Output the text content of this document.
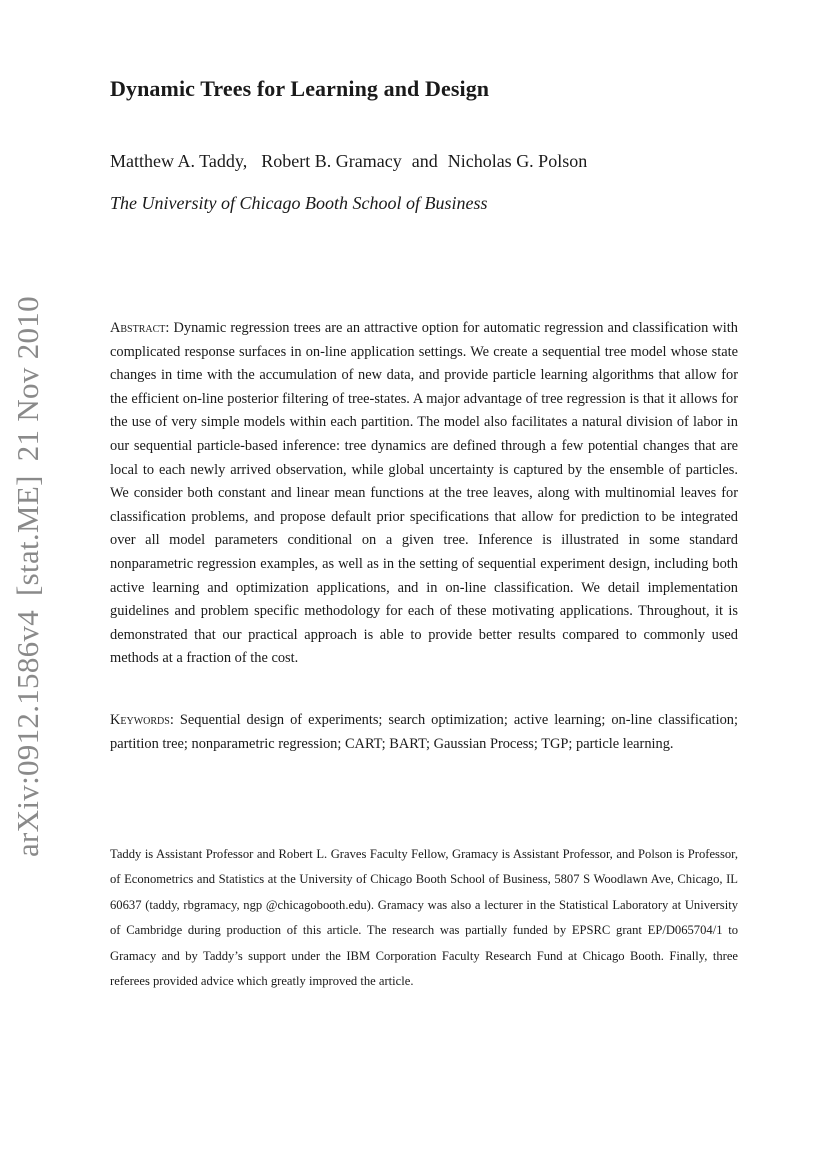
arXiv:0912.1586v4[stat.ME]21 Nov 2010
Dynamic Trees for Learning and Design

Matthew A. Taddy, Robert B. Gramacy and Nicholas G. Polson

The University of Chicago Booth School of Business

Abstract: Dynamic regression trees are an attractive option for automatic regression and classification with complicated response surfaces in on-line application settings. We create a sequential tree model whose state changes in time with the accumulation of new data, and provide particle learning algorithms that allow for the efficient on-line posterior filtering of tree-states. A major advantage of tree regression is that it allows for the use of very simple models within each partition. The model also facilitates a natural division of labor in our sequential particle-based inference: tree dynamics are defined through a few potential changes that are local to each newly arrived observation, while global uncertainty is captured by the ensemble of particles. We consider both constant and linear mean functions at the tree leaves, along with multinomial leaves for classification problems, and propose default prior specifications that allow for prediction to be integrated over all model parameters conditional on a given tree. Inference is illustrated in some standard nonparametric regression examples, as well as in the setting of sequential experiment design, including both active learning and optimization applications, and in on-line classification. We detail implementation guidelines and problem specific methodology for each of these motivating applications. Throughout, it is demonstrated that our practical approach is able to provide better results compared to commonly used methods at a fraction of the cost.

Keywords: Sequential design of experiments; search optimization; active learning; on-line classification; partition tree; nonparametric regression; CART; BART; Gaussian Process; TGP; particle learning.

Taddy is Assistant Professor and Robert L. Graves Faculty Fellow, Gramacy is Assistant Professor, and Polson is Professor, of Econometrics and Statistics at the University of Chicago Booth School of Business, 5807 S Woodlawn Ave, Chicago, IL 60637 (taddy, rbgramacy, ngp @chicagobooth.edu). Gramacy was also a lecturer in the Statistical Laboratory at University of Cambridge during production of this article. The research was partially funded by EPSRC grant EP/D065704/1 to Gramacy and by Taddy’s support under the IBM Corporation Faculty Research Fund at Chicago Booth. Finally, three referees provided advice which greatly improved the article.
